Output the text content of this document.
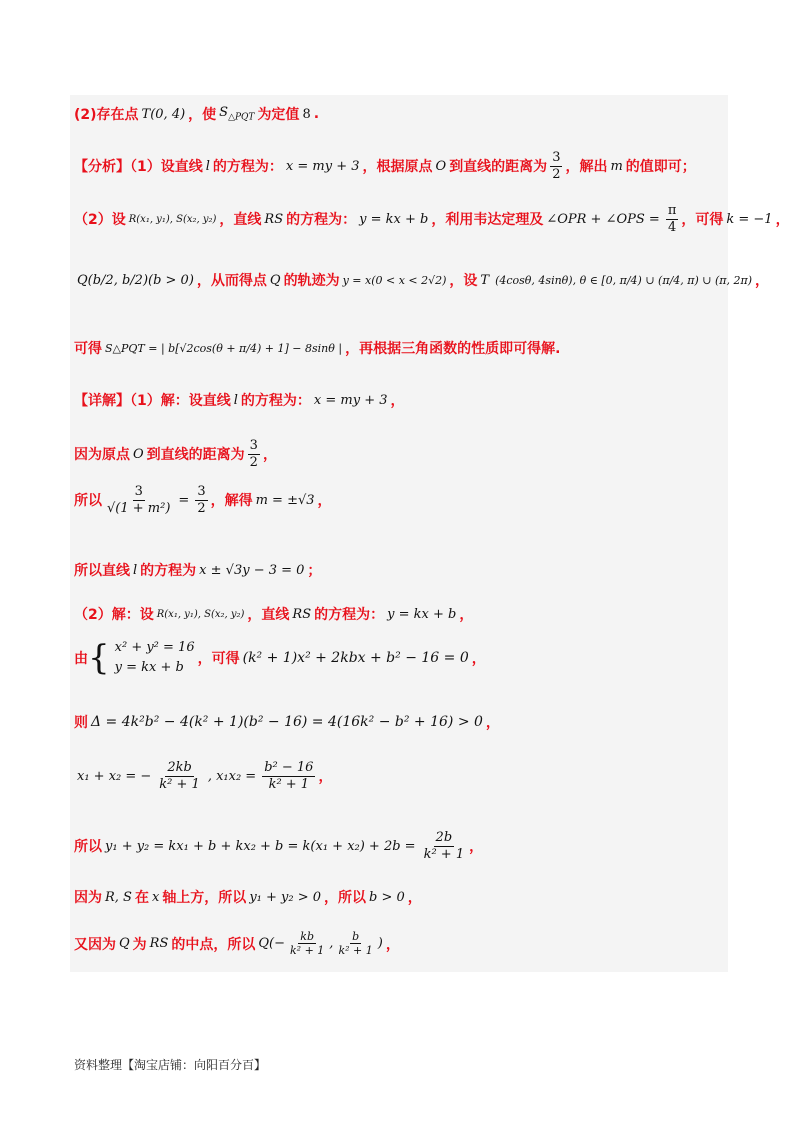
(2)存在点 T(0, 4) ，使 $S_{\triangle PQT}$ 为定值 8 .
【分析】（1）设直线 l 的方程为： x = my + 3 ，根据原点 O 到直线的距离为 $\frac{3}{2}$ ，解出 m 的值即可；
（2）设 R(x₁, y₁), S(x₂, y₂) ，直线 RS 的方程为： y = kx + b ，利用韦达定理及 ∠OPR + ∠OPS = $\frac{\pi}{4}$ ，可得 k = −1 ，
Q(b/2, b/2)(b > 0) ，从而得点 Q 的轨迹为 y = x(0 < x < 2√2) ，设 T (4cosθ, 4sinθ), θ ∈ [0, π/4) ∪ (π/4, π) ∪ (π, 2π) ，
可得 S△PQT = | b[√2cos(θ + π/4) + 1] − 8sinθ | ，再根据三角函数的性质即可得解.
【详解】（1）解：设直线 l 的方程为： x = my + 3 ，
因为原点 O 到直线的距离为 $\frac{3}{2}$ ，
所以 $\frac{3}{\text{√(1 + m²)}} = \frac{3}{2}$ ，解得 m = ±√3 ，
所以直线 l 的方程为 x ± √3y − 3 = 0 ；
（2）解：设 R(x₁, y₁), S(x₂, y₂) ，直线 RS 的方程为： y = kx + b ，
由 { x² + y² = 16
y = kx + b
，可得 (k² + 1)x² + 2kbx + b² − 16 = 0 ，
则 Δ = 4k²b² − 4(k² + 1)(b² − 16) = 4(16k² − b² + 16) > 0 ，
x₁ + x₂ = − $\frac{2kb}{\text{k² + 1}}$ , $x_1x_2 = \frac{\text{b² − 16}}{\text{k² + 1}}$ ，
所以 $y_1 + y_2 = kx_1 + b + kx_2 + b = k(x_1 + x_2) + 2b = \frac{2b}{\text{k² + 1}}$ ，
因为 R, S 在 x 轴上方，所以 y₁ + y₂ > 0 ，所以 b > 0 ，
又因为 Q 为 RS 的中点，所以 $Q(- \frac{kb}{\text{k² + 1}}$ , $\frac{b}{\text{k² + 1}}$ ) ，
资料整理【淘宝店铺：向阳百分百】
